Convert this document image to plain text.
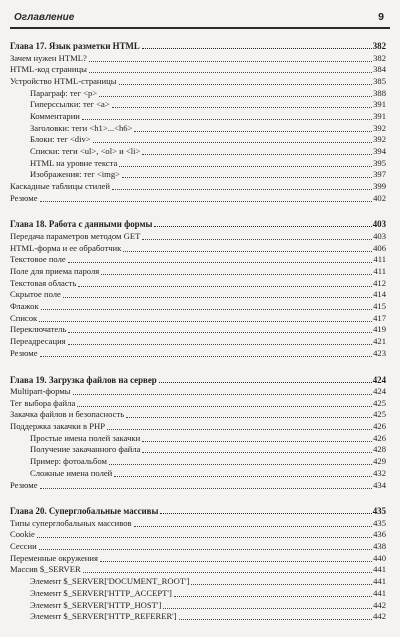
Оглавление	9
Глава 17. Язык разметки HTML	382
Зачем нужен HTML?	382
HTML-код страницы	384
Устройство HTML-страницы	385
Параграф: тег <p>	388
Гиперссылки: тег <a>	391
Комментарии	391
Заголовки: теги <h1>...<h6>	392
Блоки: тег <div>	392
Списки: теги <ul>, <ol> и <li>	394
HTML на уровне текста	395
Изображения: тег <img>	397
Каскадные таблицы стилей	399
Резюме	402
Глава 18. Работа с данными формы	403
Передача параметров методом GET	403
HTML-форма и ее обработчик	406
Текстовое поле	411
Поле для приема пароля	411
Текстовая область	412
Скрытое поле	414
Флажок	415
Список	417
Переключатель	419
Переадресация	421
Резюме	423
Глава 19. Загрузка файлов на сервер	424
Multipart-формы	424
Тег выбора файла	425
Закачка файлов и безопасность	425
Поддержка закачки в PHP	426
Простые имена полей закачки	426
Получение закачанного файла	428
Пример: фотоальбом	429
Сложные имена полей	432
Резюме	434
Глава 20. Суперглобальные массивы	435
Типы суперглобальных массивов	435
Cookie	436
Сессии	438
Переменные окружения	440
Массив $_SERVER	441
Элемент $_SERVER['DOCUMENT_ROOT']	441
Элемент $_SERVER['HTTP_ACCEPT']	441
Элемент $_SERVER['HTTP_HOST']	442
Элемент $_SERVER['HTTP_REFERER']	442
